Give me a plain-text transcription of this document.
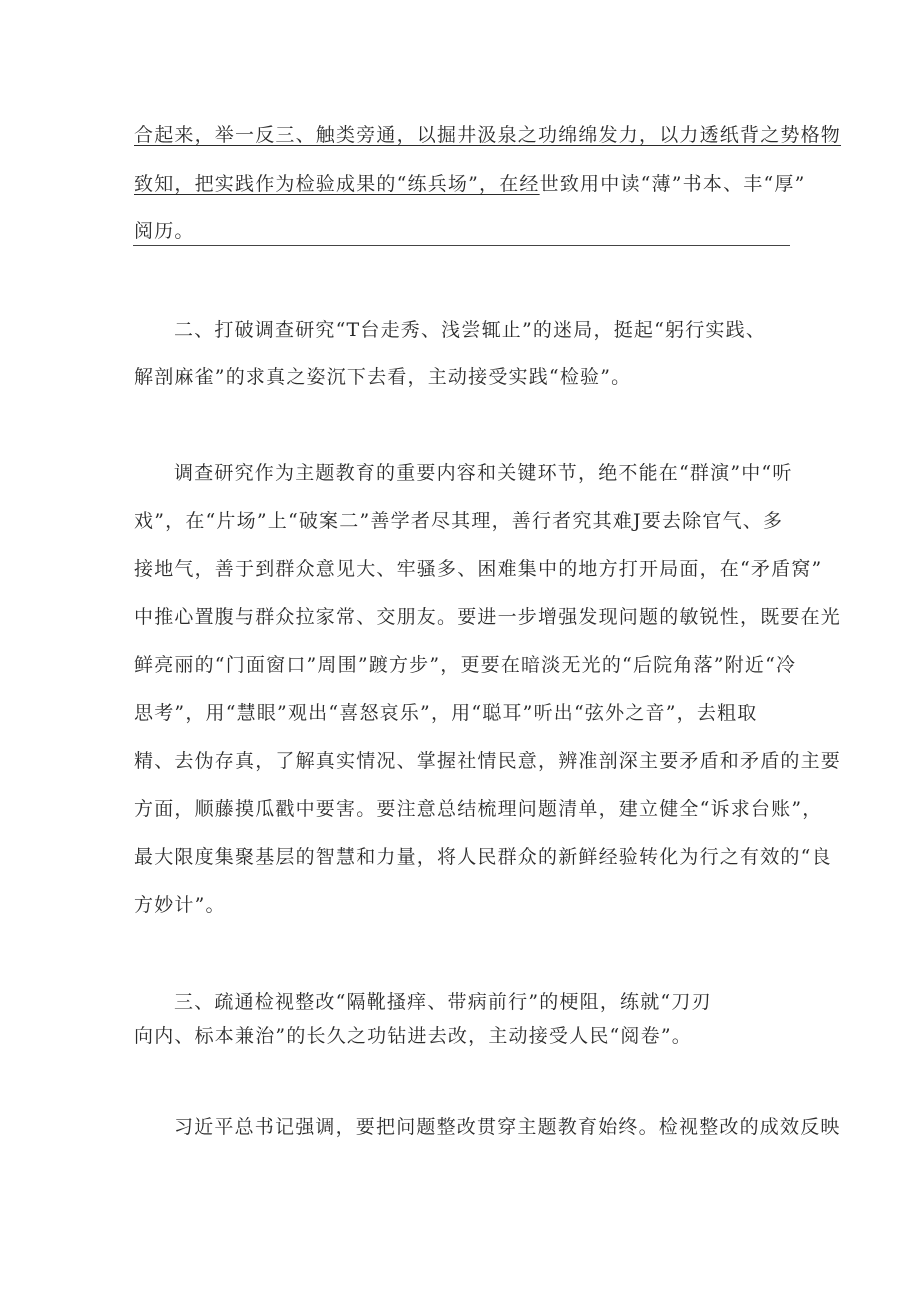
合起来，举一反三、触类旁通，以掘井汲泉之功绵绵发力，以力透纸背之势格物
致知，把实践作为检验成果的“练兵场”，在经世致用中读“薄”书本、丰“厚”
阅历。
二、打破调查研究“T台走秀、浅尝辄止”的迷局，挺起“躬行实践、
解剖麻雀”的求真之姿沉下去看，主动接受实践“检验”。
调查研究作为主题教育的重要内容和关键环节，绝不能在“群演”中“听
戏”，在“片场”上“破案二”善学者尽其理，善行者究其难J要去除官气、多
接地气，善于到群众意见大、牢骚多、困难集中的地方打开局面，在“矛盾窝”
中推心置腹与群众拉家常、交朋友。要进一步增强发现问题的敏锐性，既要在光
鲜亮丽的“门面窗口”周围”踱方步”，更要在暗淡无光的“后院角落”附近“冷
思考”，用“慧眼”观出“喜怒哀乐”，用“聪耳”听出“弦外之音”，去粗取
精、去伪存真，了解真实情况、掌握社情民意，辨准剖深主要矛盾和矛盾的主要
方面，顺藤摸瓜戳中要害。要注意总结梳理问题清单，建立健全“诉求台账”，
最大限度集聚基层的智慧和力量，将人民群众的新鲜经验转化为行之有效的“良
方妙计”。
三、疏通检视整改“隔靴搔痒、带病前行”的梗阻，练就“刀刃
向内、标本兼治”的长久之功钻进去改，主动接受人民“阅卷”。
习近平总书记强调，要把问题整改贯穿主题教育始终。检视整改的成效反映
